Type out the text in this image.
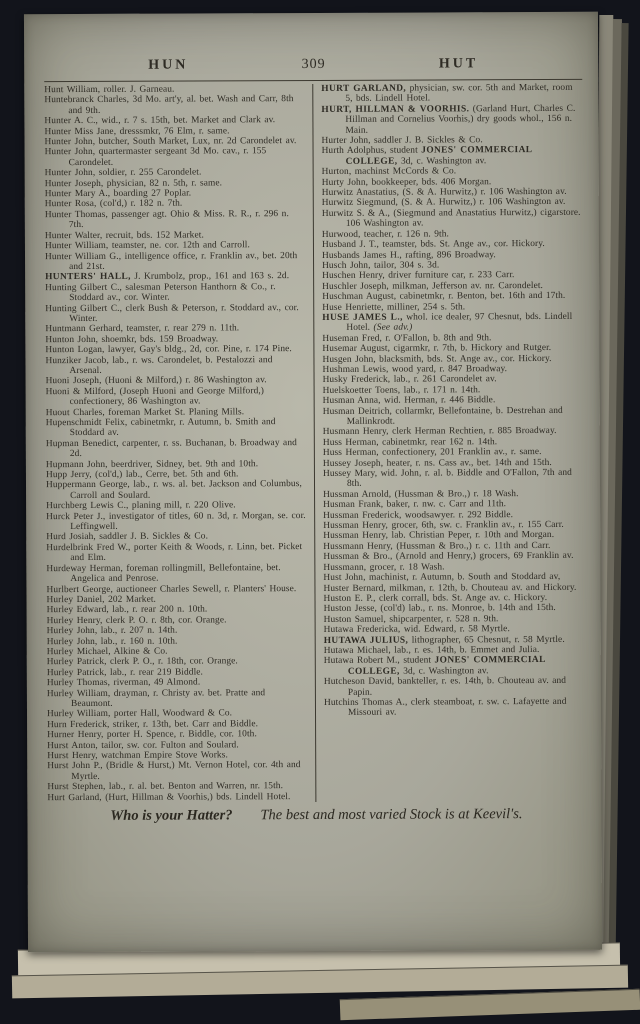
HUN	309	HUT
Hunt William, roller. J. Garneau.
Huntebranck Charles, 3d Mo. art'y, al. bet. Wash and Carr, 8th and 9th.
Hunter A. C., wid., r. 7 s. 15th, bet. Market and Clark av.
Hunter Miss Jane, dresssmkr, 76 Elm, r. same.
Hunter John, butcher, South Market, Lux, nr. 2d Carondelet av.
Hunter John, quartermaster sergeant 3d Mo. cav., r. 155 Carondelet.
Hunter John, soldier, r. 255 Carondelet.
Hunter Joseph, physician, 82 n. 5th, r. same.
Hunter Mary A., boarding 27 Poplar.
Hunter Rosa, (col'd,) r. 182 n. 7th.
Hunter Thomas, passenger agt. Ohio & Miss. R. R., r. 296 n. 7th.
Hunter Walter, recruit, bds. 152 Market.
Hunter William, teamster, ne. cor. 12th and Carroll.
Hunter William G., intelligence office, r. Franklin av., bet. 20th and 21st.
HUNTERS' HALL, J. Krumbolz, prop., 161 and 163 s. 2d.
Hunting Gilbert C., salesman Peterson Hanthorn & Co., r. Stoddard av., cor. Winter.
Hunting Gilbert C., clerk Bush & Peterson, r. Stoddard av., cor. Winter.
Huntmann Gerhard, teamster, r. rear 279 n. 11th.
Hunton John, shoemkr, bds. 159 Broadway.
Hunton Logan, lawyer, Gay's bldg., 2d, cor. Pine, r. 174 Pine.
Hunziker Jacob, lab., r. ws. Carondelet, b. Pestalozzi and Arsenal.
Huoni Joseph, (Huoni & Milford,) r. 86 Washington av.
Huoni & Milford, (Joseph Huoni and George Milford,) confectionery, 86 Washington av.
Huout Charles, foreman Market St. Planing Mills.
Hupenschmidt Felix, cabinetmkr, r. Autumn, b. Smith and Stoddard av.
Hupman Benedict, carpenter, r. ss. Buchanan, b. Broadway and 2d.
Hupmann John, beerdriver, Sidney, bet. 9th and 10th.
Hupp Jerry, (col'd,) lab., Cerre, bet. 5th and 6th.
Huppermann George, lab., r. ws. al. bet. Jackson and Columbus, Carroll and Soulard.
Hurchberg Lewis C., planing mill, r. 220 Olive.
Hurck Peter J., investigator of titles, 60 n. 3d, r. Morgan, se. cor. Leffingwell.
Hurd Josiah, saddler J. B. Sickles & Co.
Hurdelbrink Fred W., porter Keith & Woods, r. Linn, bet. Picket and Elm.
Hurdeway Herman, foreman rollingmill, Bellefontaine, bet. Angelica and Penrose.
Hurlbert George, auctioneer Charles Sewell, r. Planters' House.
Hurley Daniel, 202 Market.
Hurley Edward, lab., r. rear 200 n. 10th.
Hurley Henry, clerk P. O. r. 8th, cor. Orange.
Hurley John, lab., r. 207 n. 14th.
Hurley John, lab., r. 160 n. 10th.
Hurley Michael, Alkine & Co.
Hurley Patrick, clerk P. O., r. 18th, cor. Orange.
Hurley Patrick, lab., r. rear 219 Biddle.
Hurley Thomas, riverman, 49 Almond.
Hurley William, drayman, r. Christy av. bet. Pratte and Beaumont.
Hurley William, porter Hall, Woodward & Co.
Hurn Frederick, striker, r. 13th, bet. Carr and Biddle.
Hurner Henry, porter H. Spence, r. Biddle, cor. 10th.
Hurst Anton, tailor, sw. cor. Fulton and Soulard.
Hurst Henry, watchman Empire Stove Works.
Hurst John P., (Bridle & Hurst,) Mt. Vernon Hotel, cor. 4th and Myrtle.
Hurst Stephen, lab., r. al. bet. Benton and Warren, nr. 15th.
Hurt Garland, (Hurt, Hillman & Voorhis,) bds. Lindell Hotel.
HURT GARLAND, physician, sw. cor. 5th and Market, room 5, bds. Lindell Hotel.
HURT, HILLMAN & VOORHIS. (Garland Hurt, Charles C. Hillman and Cornelius Voorhis,) dry goods whol., 156 n. Main.
Hurter John, saddler J. B. Sickles & Co.
Hurth Adolphus, student JONES' COMMERCIAL COLLEGE, 3d, c. Washington av.
Hurton, machinst McCords & Co.
Hurty John, bookkeeper, bds. 406 Morgan.
Hurwitz Anastatius, (S. & A. Hurwitz,) r. 106 Washington av.
Hurwitz Siegmund, (S. & A. Hurwitz,) r. 106 Washington av.
Hurwitz S. & A., (Siegmund and Anastatius Hurwitz,) cigarstore. 106 Washington av.
Hurwood, teacher, r. 126 n. 9th.
Husband J. T., teamster, bds. St. Ange av., cor. Hickory.
Husbands James H., rafting, 896 Broadway.
Husch John, tailor, 304 s. 3d.
Huschen Henry, driver furniture car, r. 233 Carr.
Huschler Joseph, milkman, Jefferson av. nr. Carondelet.
Huschman August, cabinetmkr, r. Benton, bet. 16th and 17th.
Huse Henriette, milliner, 254 s. 5th.
HUSE JAMES L., whol. ice dealer, 97 Chesnut, bds. Lindell Hotel. (See adv.)
Huseman Fred, r. O'Fallon, b. 8th and 9th.
Husemar August, cigarmkr, r. 7th, b. Hickory and Rutger.
Husgen John, blacksmith, bds. St. Ange av., cor. Hickory.
Hushman Lewis, wood yard, r. 847 Broadway.
Husky Frederick, lab., r. 261 Carondelet av.
Huelskoetter Toens, lab., r. 171 n. 14th.
Husman Anna, wid. Herman, r. 446 Biddle.
Husman Deitrich, collarmkr, Bellefontaine, b. Destrehan and Mallinkrodt.
Husmann Henry, clerk Herman Rechtien, r. 885 Broadway.
Huss Herman, cabinetmkr, rear 162 n. 14th.
Huss Herman, confectionery, 201 Franklin av., r. same.
Hussey Joseph, heater, r. ns. Cass av., bet. 14th and 15th.
Hussey Mary, wid. John, r. al. b. Biddle and O'Fallon, 7th and 8th.
Hussman Arnold, (Hussman & Bro.,) r. 18 Wash.
Husman Frank, baker, r. nw. c. Carr and 11th.
Hussman Frederick, woodsawyer. r. 292 Biddle.
Hussman Henry, grocer, 6th, sw. c. Franklin av., r. 155 Carr.
Hussman Henry, lab. Christian Peper, r. 10th and Morgan.
Hussmann Henry, (Hussman & Bro.,) r. c. 11th and Carr.
Hussman & Bro., (Arnold and Henry,) grocers, 69 Franklin av.
Hussmann, grocer, r. 18 Wash.
Hust John, machinist, r. Autumn, b. South and Stoddard av,
Huster Bernard, milkman, r. 12th, b. Chouteau av. and Hickory.
Huston E. P., clerk corrall, bds. St. Ange av. c. Hickory.
Huston Jesse, (col'd) lab., r. ns. Monroe, b. 14th and 15th.
Huston Samuel, shipcarpenter, r. 528 n. 9th.
Hutawa Fredericka, wid. Edward, r. 58 Myrtle.
HUTAWA JULIUS, lithographer, 65 Chesnut, r. 58 Myrtle.
Hutawa Michael, lab., r. es. 14th, b. Emmet and Julia.
Hutawa Robert M., student JONES' COMMERCIAL COLLEGE, 3d, c. Washington av.
Hutcheson David, bankteller, r. es. 14th, b. Chouteau av. and Papin.
Hutchins Thomas A., clerk steamboat, r. sw. c. Lafayette and Missouri av.
Who is your Hatter? The best and most varied Stock is at Keevil's.
